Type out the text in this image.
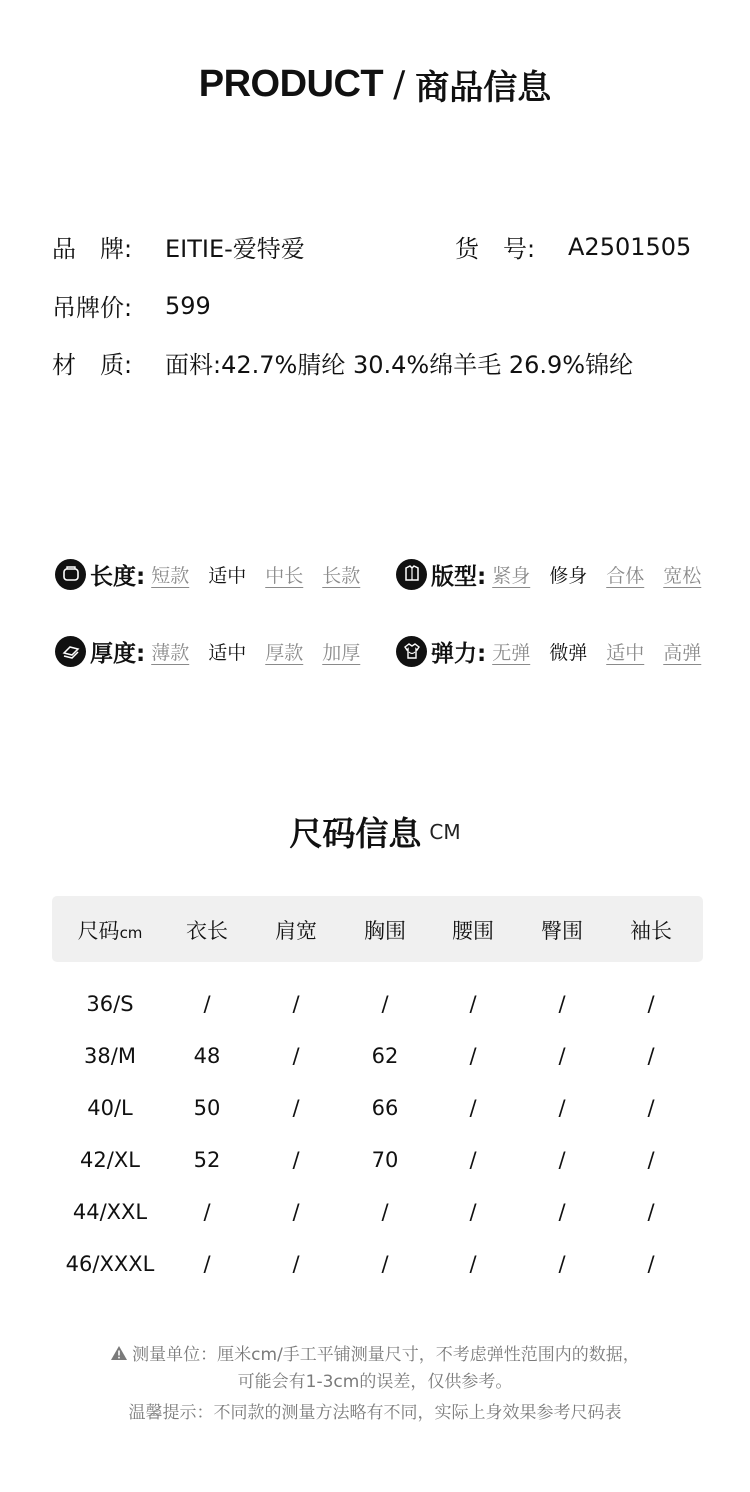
PRODUCT / 商品信息
品　牌:	EITIE-爱特爱	货　号:	A2501505
吊牌价:	599
材　质:	面料:42.7%腈纶 30.4%绵羊毛 26.9%锦纶
长度: 短款 适中 中长 长款	版型: 紧身 修身 合体 宽松
厚度: 薄款 适中 厚款 加厚	弹力: 无弹 微弹 适中 高弹
尺码信息 CM
尺码cm	衣长	肩宽	胸围	腰围	臀围	袖长
36/S	/	/	/	/	/	/
38/M	48	/	62	/	/	/
40/L	50	/	66	/	/	/
42/XL	52	/	70	/	/	/
44/XXL	/	/	/	/	/	/
46/XXXL	/	/	/	/	/	/
测量单位：厘米cm/手工平铺测量尺寸，不考虑弹性范围内的数据，
可能会有1-3cm的误差，仅供参考。
温馨提示：不同款的测量方法略有不同，实际上身效果参考尺码表
